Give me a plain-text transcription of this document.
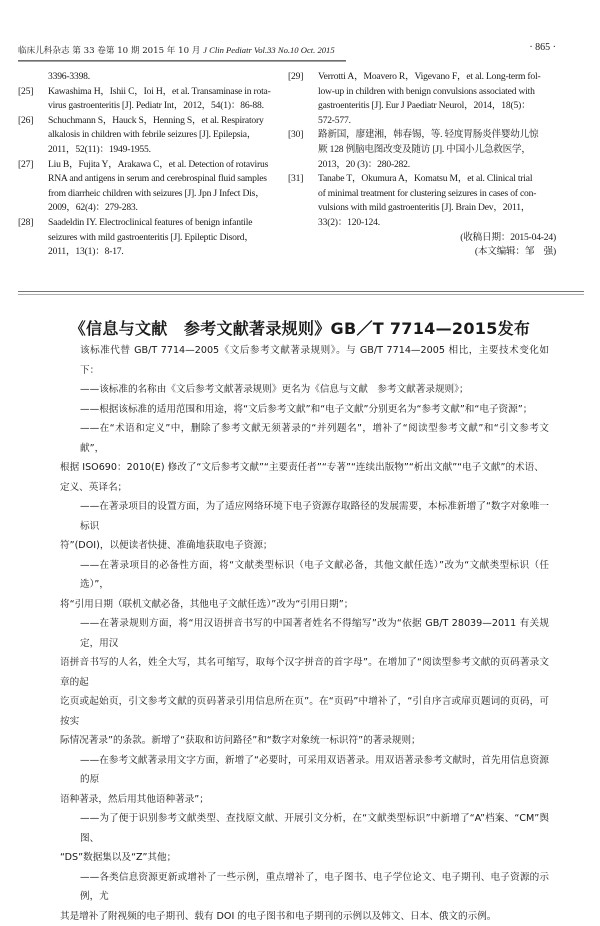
临床儿科杂志 第 33 卷第 10 期 2015 年 10 月 J Clin Pediatr Vol.33 No.10 Oct. 2015	· 865 ·
3396-3398.
[25] Kawashima H，Ishii C，Ioi H，et al. Transaminase in rota-
virus gastroenteritis [J]. Pediatr Int，2012，54(1)：86-88.
[26] Schuchmann S，Hauck S，Henning S，et al. Respiratory
alkalosis in children with febrile seizures [J]. Epilepsia，
2011，52(11)：1949-1955.
[27] Liu B，Fujita Y，Arakawa C，et al. Detection of rotavirus
RNA and antigens in serum and cerebrospinal fluid samples
from diarrheic children with seizures [J]. Jpn J Infect Dis，
2009，62(4)：279-283.
[28] Saadeldin IY. Electroclinical features of benign infantile
seizures with mild gastroenteritis [J]. Epileptic Disord，
2011，13(1)：8-17.
[29] Verrotti A，Moavero R，Vigevano F，et al. Long-term fol-
low-up in children with benign convulsions associated with
gastroenteritis [J]. Eur J Paediatr Neurol，2014，18(5)：
572-577.
[30] 路新国，廖建湘，韩春锡，等. 轻度胃肠炎伴婴幼儿惊
厥 128 例脑电图改变及随访 [J]. 中国小儿急救医学，
2013，20 (3)：280-282.
[31] Tanabe T，Okumura A，Komatsu M，et al. Clinical trial
of minimal treatment for clustering seizures in cases of con-
vulsions with mild gastroenteritis [J]. Brain Dev，2011，
33(2)：120-124.
(收稿日期：2015-04-24)
(本文编辑：邹　强)
《信息与文献　参考文献著录规则》GB／T 7714—2015发布
该标准代替 GB/T 7714—2005《文后参考文献著录规则》。与 GB/T 7714—2005 相比，主要技术变化如下：
——该标准的名称由《文后参考文献著录规则》更名为《信息与文献　参考文献著录规则》；
——根据该标准的适用范围和用途，将“文后参考文献”和“电子文献”分别更名为“参考文献”和“电子资源”；
——在“术语和定义”中，删除了参考文献无须著录的“并列题名”，增补了“阅读型参考文献”和“引文参考文献”，
根据 ISO690：2010(E) 修改了“文后参考文献”“主要责任者”“专著”“连续出版物”“析出文献”“电子文献”的术语、
定义、英译名；
——在著录项目的设置方面，为了适应网络环境下电子资源存取路径的发展需要，本标准新增了“数字对象唯一标识
符”(DOI)，以便读者快捷、准确地获取电子资源；
——在著录项目的必备性方面，将“文献类型标识（电子文献必备，其他文献任选）”改为“文献类型标识（任选）”，
将“引用日期（联机文献必备，其他电子文献任选）”改为“引用日期”；
——在著录规则方面，将“用汉语拼音书写的中国著者姓名不得缩写”改为“依据 GB/T 28039—2011 有关规定，用汉
语拼音书写的人名，姓全大写，其名可缩写，取每个汉字拼音的首字母”。在增加了“阅读型参考文献的页码著录文章的起
讫页或起始页，引文参考文献的页码著录引用信息所在页”。在“页码”中增补了，“引自序言或扉页题词的页码，可按实
际情况著录”的条款。新增了“获取和访问路径”和“数字对象统一标识符”的著录规则；
——在参考文献著录用文字方面，新增了“必要时，可采用双语著录。用双语著录参考文献时，首先用信息资源的原
语种著录，然后用其他语种著录”；
——为了便于识别参考文献类型、查找原文献、开展引文分析，在“文献类型标识”中新增了“A”档案、“CM”舆图、
“DS”数据集以及“Z”其他；
——各类信息资源更新或增补了一些示例，重点增补了，电子图书、电子学位论文、电子期刊、电子资源的示例，尤
其是增补了附视频的电子期刊、载有 DOI 的电子图书和电子期刊的示例以及韩文、日本、俄文的示例。
